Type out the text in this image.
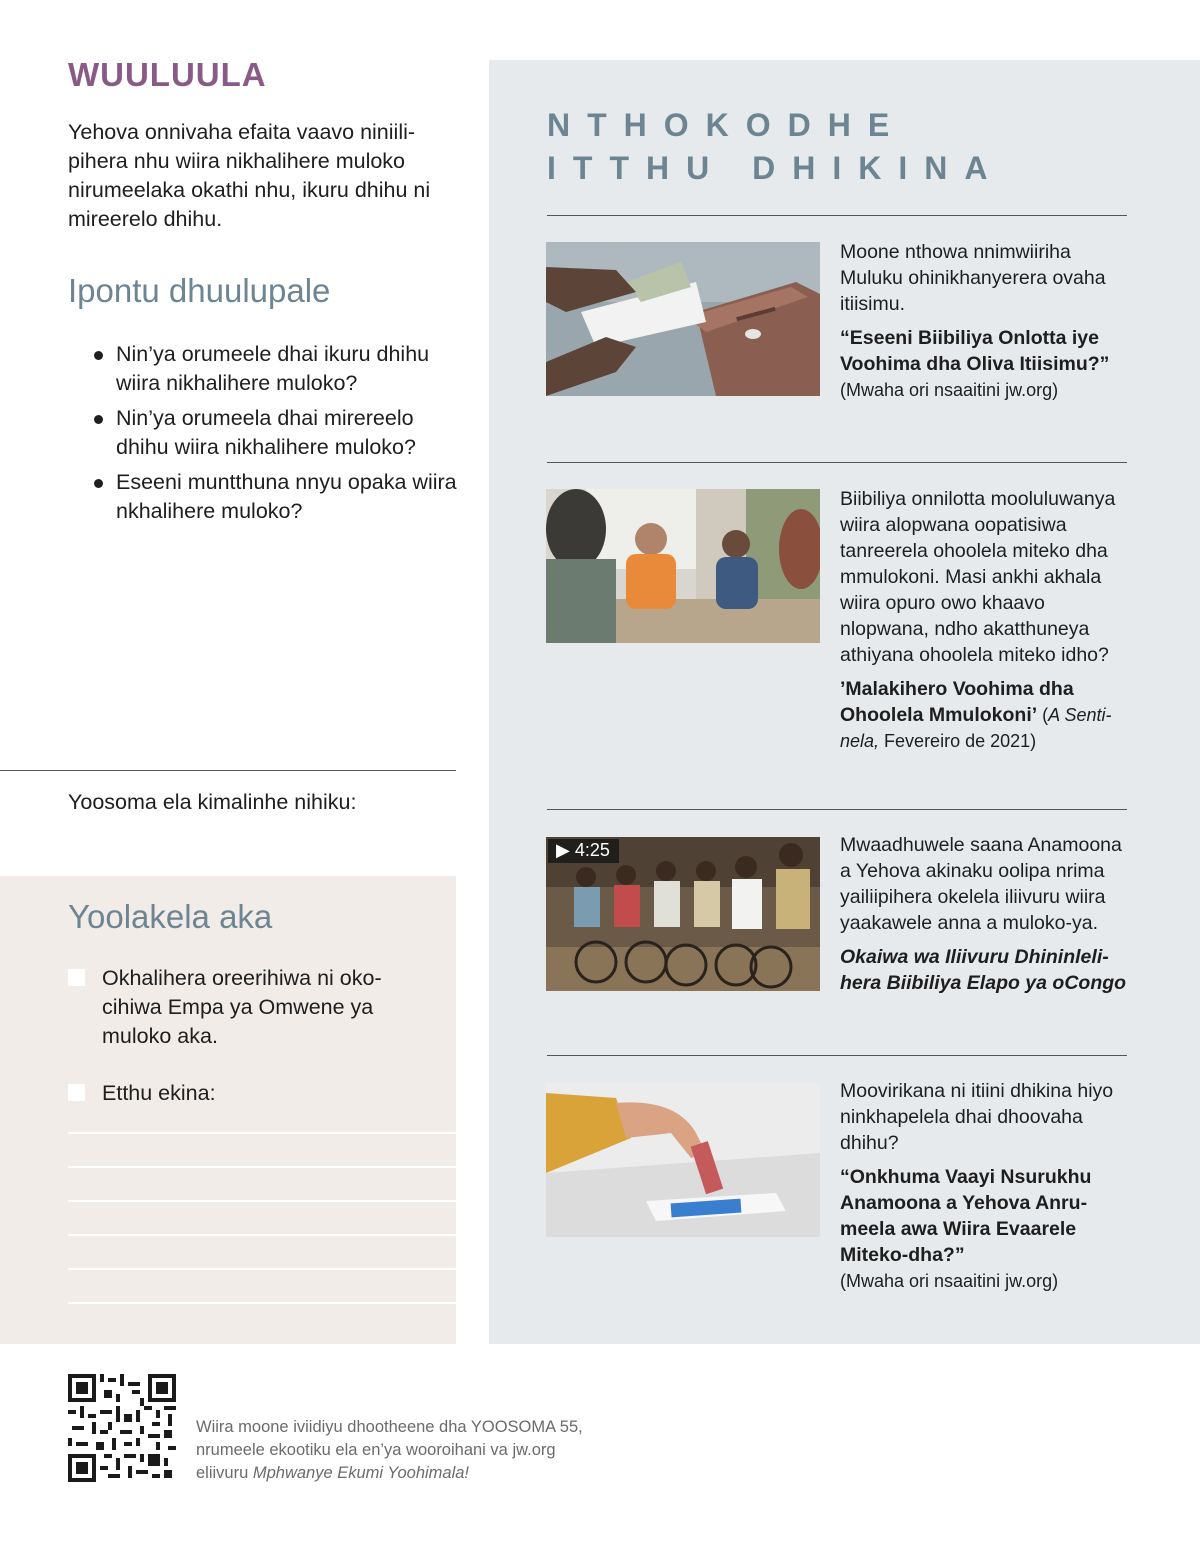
WUULUULA

Yehova onnivaha efaita vaavo niniilipihera nhu wiira nikhalihere muloko nirumeelaka okathi nhu, ikuru dhihu ni mireerelo dhihu.

Ipontu dhuulupale
Nin’ya orumeele dhai ikuru dhihu wiira nikhalihere muloko?
Nin’ya orumeela dhai mirereelo dhihu wiira nikhalihere muloko?
Eseeni muntthuna nnyu opaka wiira nkhalihere muloko?

Yoosoma ela kimalinhe nihiku:

Yoolakela aka
Okhalihera oreerihiwa ni okocihiwa Empa ya Omwene ya muloko aka.
Etthu ekina:
NTHOKODHE
ITTHU DHIKINA

Moone nthowa nnimwiiriha Muluku ohinikhanyerera ovaha itiisimu.

“Eseeni Biibiliya Onlotta iye Voohima dha Oliva Itiisimu?”

(Mwaha ori nsaaitini jw.org)

Biibiliya onnilotta mooluluwanya wiira alopwana oopatisiwa tanreerela ohoolela miteko dha mmulokoni. Masi ankhi akhala wiira opuro owo khaavo nlopwana, ndho akatthuneya athiyana ohoolela miteko idho?

’Malakihero Voohima dha Ohoolela Mmulokoni’ (A Sentinela, Fevereiro de 2021)

▶ 4:25	Mwaadhuwele saana Anamoona a Yehova akinaku oolipa nrima yailiipihera okelela iliivuru wiira yaakawele anna a muloko-ya.

Okaiwa wa Iliivuru Dhininlelihera Biibiliya Elapo ya oCongo

Moovirikana ni itiini dhikina hiyo ninkhapelela dhai dhoovaha dhihu?

“Onkhuma Vaayi Nsurukhu Anamoona a Yehova Anrumeela awa Wiira Evaarele Miteko-dha?”

(Mwaha ori nsaaitini jw.org)

Wiira moone iviidiyu dhootheene dha YOOSOMA 55,
nrumeele ekootiku ela en’ya wooroihani va jw.org
eliivuru Mphwanye Ekumi Yoohimala!
